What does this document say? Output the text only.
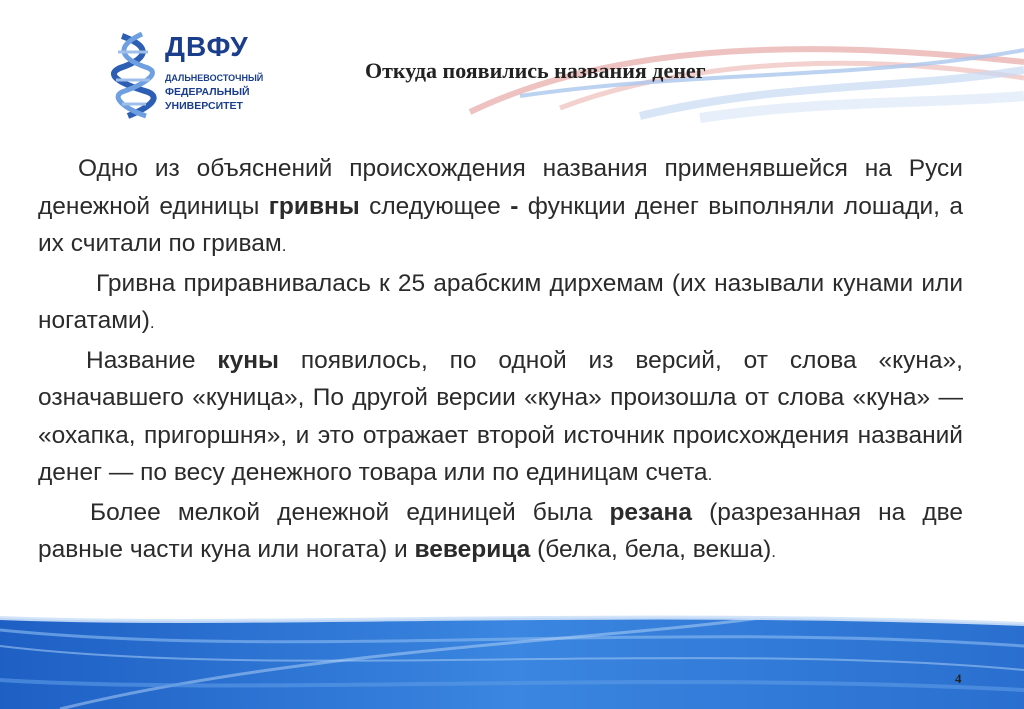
ДВФУ
ДАЛЬНЕВОСТОЧНЫЙ
ФЕДЕРАЛЬНЫЙ
УНИВЕРСИТЕТ
Откуда появились названия денег

Одно из объяснений происхождения названия применявшейся на Руси денежной единицы гривны следующее - функции денег выполняли лошади, а их считали по гривам.

Гривна приравнивалась к 25 арабским дирхемам (их называли кунами или ногатами).

Название куны появилось, по одной из версий, от слова «куна», означавшего «куница», По другой версии «куна» произошла от слова «куна» — «охапка, пригоршня», и это отражает второй источник происхождения названий денег — по весу денежного товара или по единицам счета.

Более мелкой денежной единицей была резана (разрезанная на две равные части куна или ногата) и веверица (белка, бела, векша).

4
